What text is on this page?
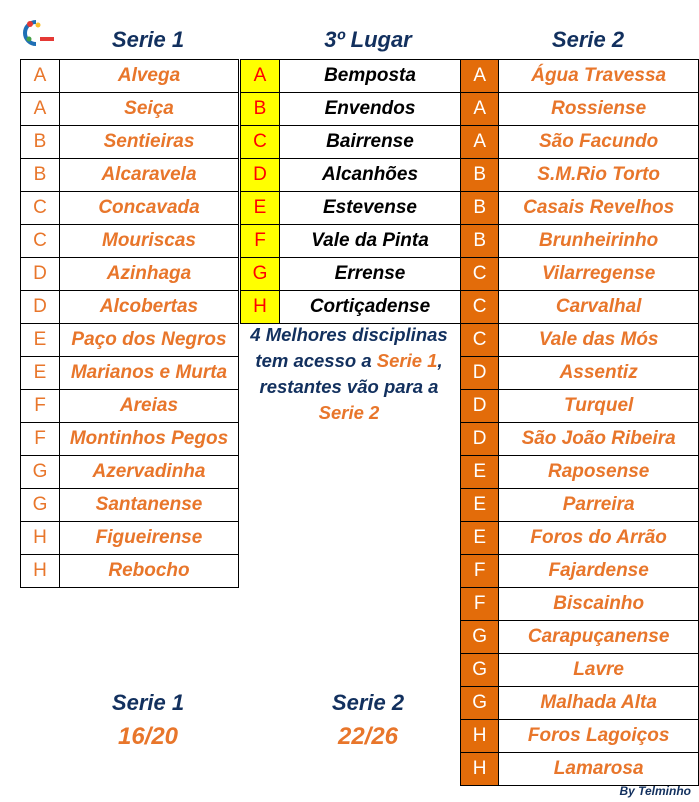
Serie 1	3º Lugar	Serie 2
A	Alvega
A	Seiça
B	Sentieiras
B	Alcaravela
C	Concavada
C	Mouriscas
D	Azinhaga
D	Alcobertas
E	Paço dos Negros
E	Marianos e Murta
F	Areias
F	Montinhos Pegos
G	Azervadinha
G	Santanense
H	Figueirense
H	Rebocho
A	Bemposta
B	Envendos
C	Bairrense
D	Alcanhões
E	Estevense
F	Vale da Pinta
G	Errense
H	Cortiçadense
A	Água Travessa
A	Rossiense
A	São Facundo
B	S.M.Rio Torto
B	Casais Revelhos
B	Brunheirinho
C	Vilarregense
C	Carvalhal
C	Vale das Mós
D	Assentiz
D	Turquel
D	São João Ribeira
E	Raposense
E	Parreira
E	Foros do Arrão
F	Fajardense
F	Biscainho
G	Carapuçanense
G	Lavre
G	Malhada Alta
H	Foros Lagoiços
H	Lamarosa
4 Melhores disciplinas tem acesso a Serie 1, restantes vão para a Serie 2
Serie 1
16/20
Serie 2
22/26
By Telminho
